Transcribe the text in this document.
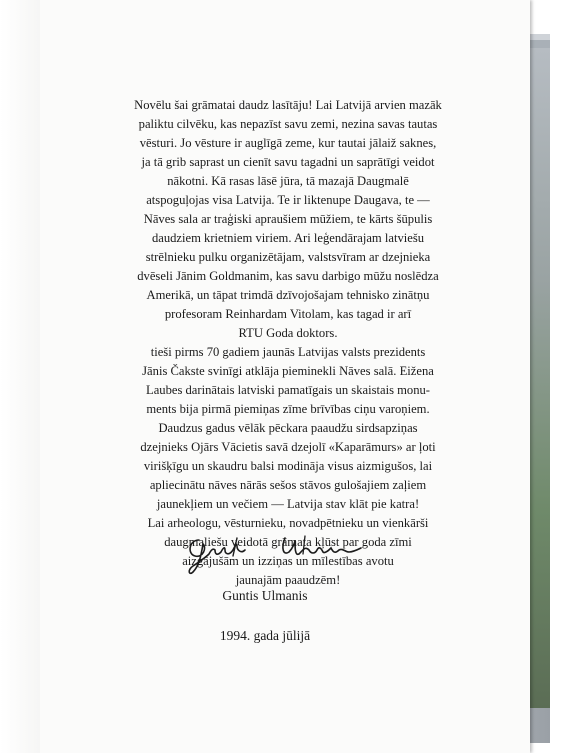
Novēlu šai grāmatai daudz lasītāju! Lai Latvijā arvien mazāk

paliktu cilvēku, kas nepazīst savu zemi, nezina savas tautas

vēsturi. Jo vēsture ir auglīgā zeme, kur tautai jālaiž saknes,

ja tā grib saprast un cienīt savu tagadni un saprātīgi veidot

nākotni. Kā rasas lāsē jūra, tā mazajā Daugmalē

atspoguļojas visa Latvija. Te ir liktenupe Daugava, te —

Nāves sala ar traģiski apraušiem mūžiem, te kārts šūpulis

daudziem krietniem viriem. Ari leģendārajam latviešu

strēlnieku pulku organizētājam, valstsvīram ar dzejnieka

dvēseli Jānim Goldmanim, kas savu darbigo mūžu noslēdza

Amerikā, un tāpat trimdā dzīvojošajam tehnisko zinātņu

profesoram Reinhardam Vitolam, kas tagad ir arī

RTU Goda doktors.

tieši pirms 70 gadiem jaunās Latvijas valsts prezidents

Jānis Čakste svinīgi atklāja pieminekli Nāves salā. Eižena

Laubes darinātais latviski pamatīgais un skaistais monu-

ments bija pirmā piemiņas zīme brīvības ciņu varoņiem.

Daudzus gadus vēlāk pēckara paaudžu sirdsapziņas

dzejnieks Ojārs Vācietis savā dzejolī «Kaparāmurs» ar ļoti

virišķīgu un skaudru balsi modināja visus aizmigušos, lai

apliecinātu nāves nārās sešos stāvos gulošajiem zaļiem

jaunekļiem un večiem — Latvija stav klāt pie katra!

Lai arheologu, vēsturnieku, novadpētnieku un vienkārši

daugmaliešu veidotā grāmata kļūst par goda zīmi

aizgājušām un izziņas un mīlestības avotu

jaunajām paaudzēm!

Guntis Ulmanis
1994. gada jūlijā
